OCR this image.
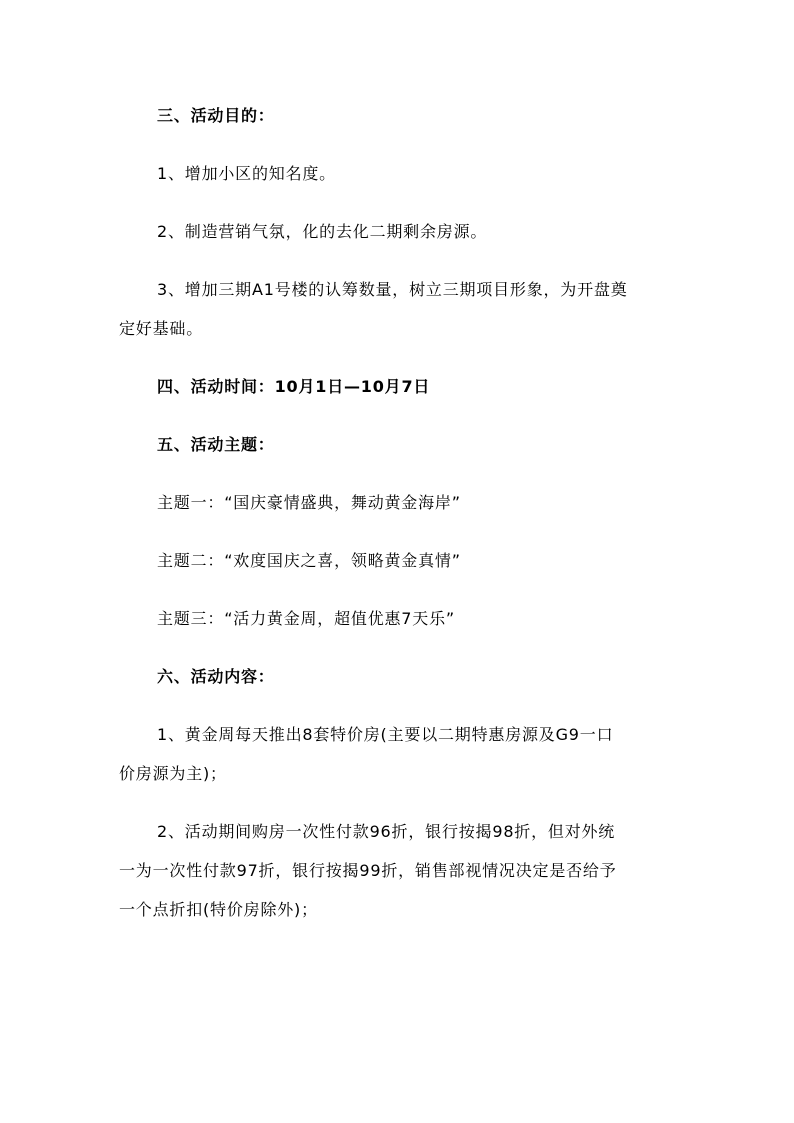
三、活动目的：

1、增加小区的知名度。

2、制造营销气氛，化的去化二期剩余房源。

3、增加三期A1号楼的认筹数量，树立三期项目形象，为开盘奠

定好基础。

四、活动时间：10月1日—10月7日

五、活动主题：

主题一：“国庆豪情盛典，舞动黄金海岸”

主题二：“欢度国庆之喜，领略黄金真情”

主题三：“活力黄金周，超值优惠7天乐”

六、活动内容：

1、黄金周每天推出8套特价房(主要以二期特惠房源及G9一口

价房源为主)；

2、活动期间购房一次性付款96折，银行按揭98折，但对外统

一为一次性付款97折，银行按揭99折，销售部视情况决定是否给予

一个点折扣(特价房除外)；
